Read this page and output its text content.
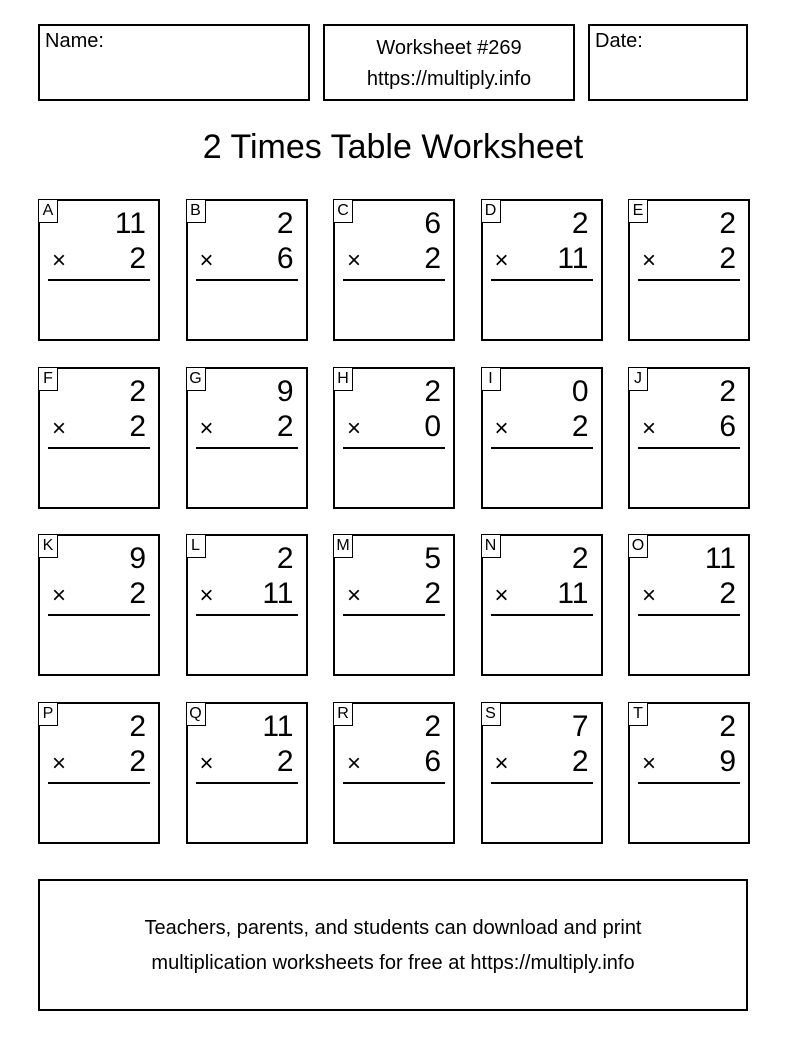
Name:	Worksheet #269
https://multiply.info
Date:
2 Times Table Worksheet
A 11
× 2
B	2
× 6
C	6
× 2
D	2
× 11
E	2
× 2
F	2
× 2
G	9
× 2
H	2
× 0
I	0
× 2
J	2
× 6
K	9
× 2
L	2
× 11
M 5
× 2
N	2
× 11
O 11
× 2
P	2
× 2
Q 11
× 2
R	2
× 6
S	7
× 2
T	2
× 9
Teachers, parents, and students can download and print
multiplication worksheets for free at https://multiply.info
